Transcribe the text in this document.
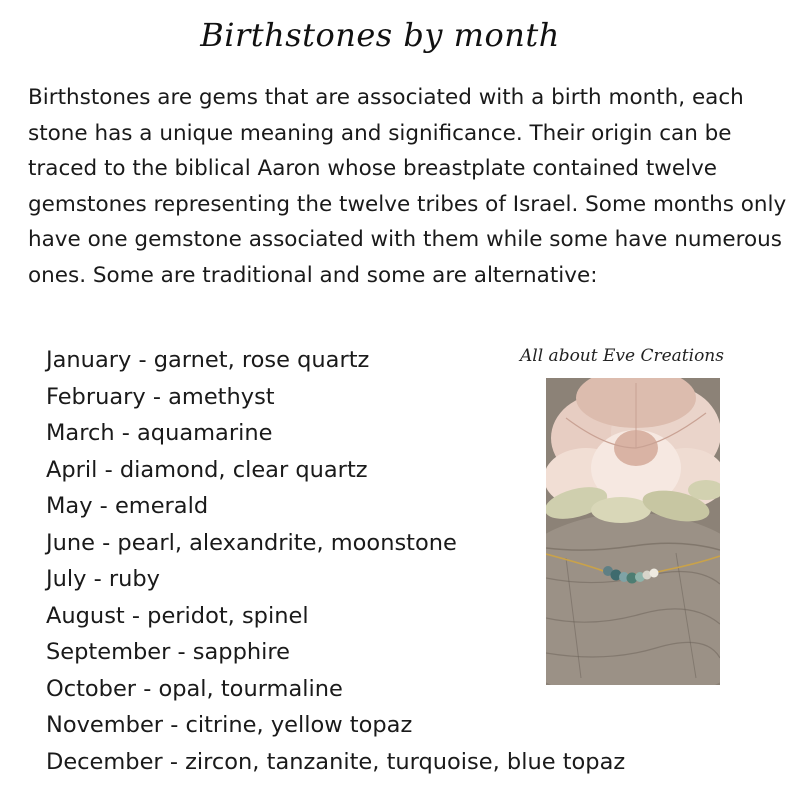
Birthstones by month

Birthstones are gems that are associated with a birth month, each stone has a unique meaning and significance. Their origin can be traced to the biblical Aaron whose breastplate contained twelve gemstones representing the twelve tribes of Israel. Some months only have one gemstone associated with them while some have numerous ones. Some are traditional and some are alternative:

January - garnet, rose quartz
February - amethyst
March - aquamarine
April - diamond, clear quartz
May - emerald
June - pearl, alexandrite, moonstone
July - ruby
August - peridot, spinel
September - sapphire
October - opal, tourmaline
November - citrine, yellow topaz
December - zircon, tanzanite, turquoise, blue topaz
All about Eve Creations
